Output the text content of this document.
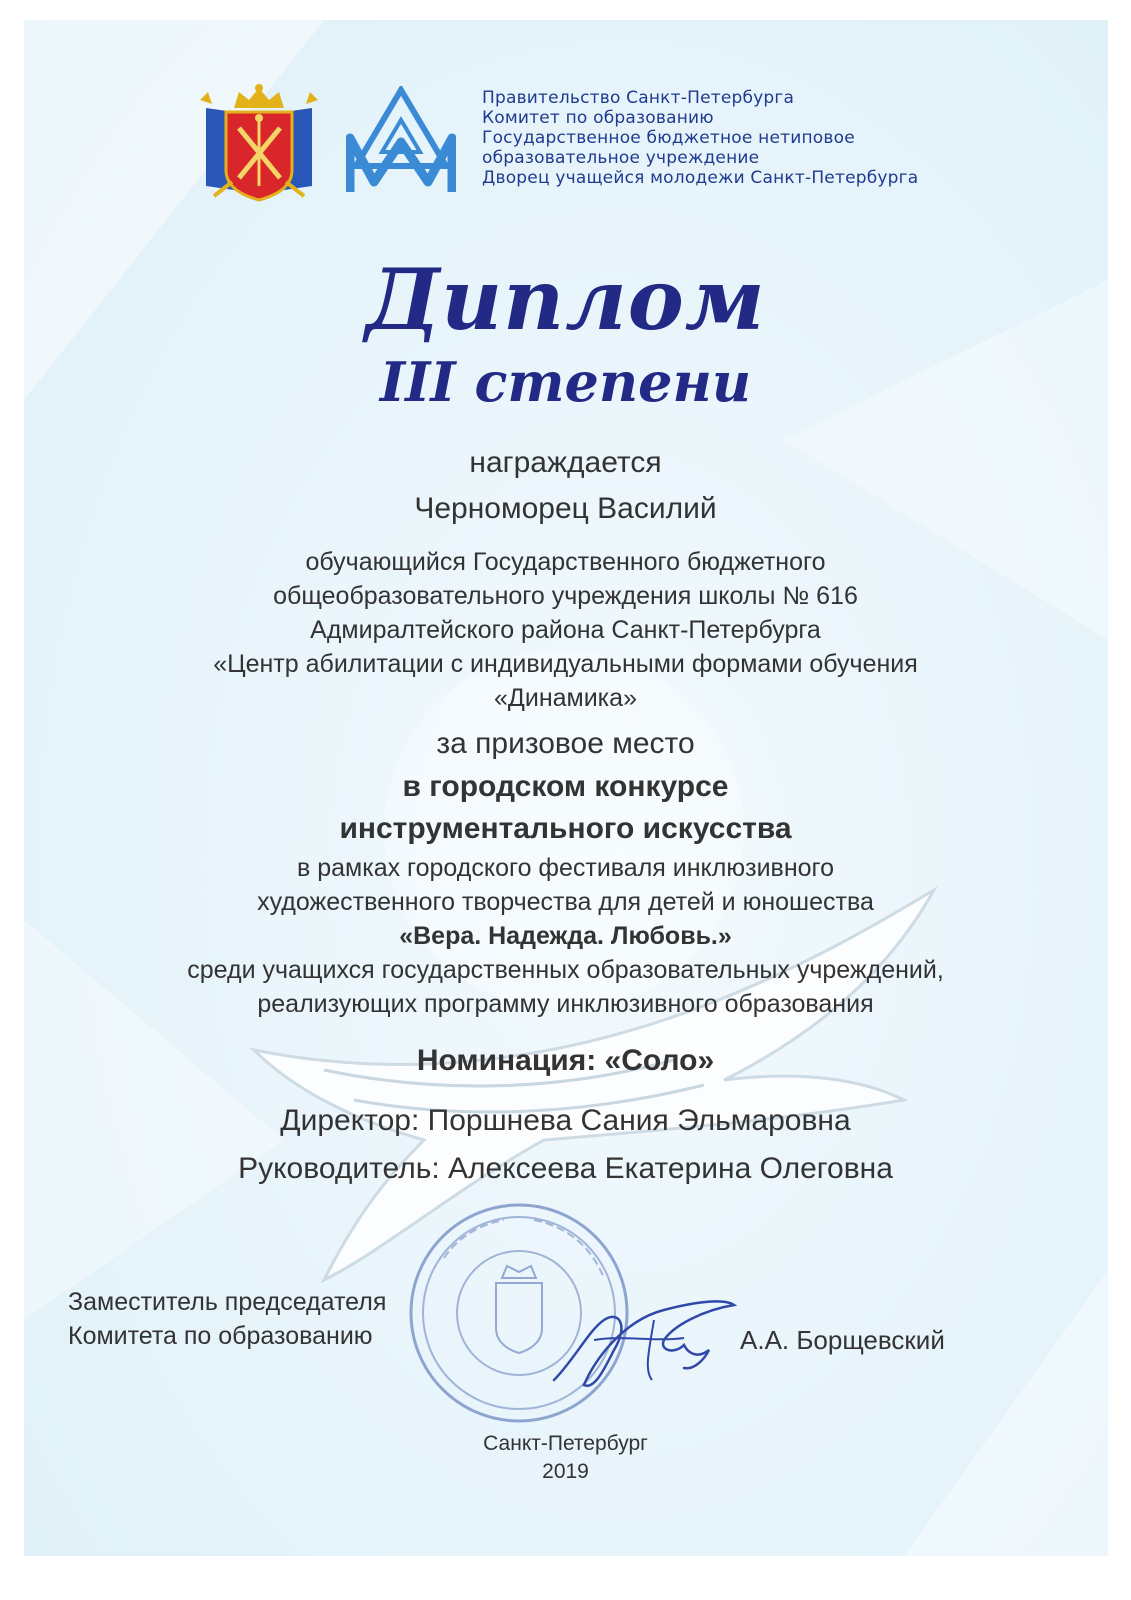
Правительство Санкт-Петербурга
Комитет по образованию
Государственное бюджетное нетиповое
образовательное учреждение
Дворец учащейся молодежи Санкт-Петербурга
Диплом
III степени
награждается
Черноморец Василий
обучающийся Государственного бюджетного
общеобразовательного учреждения школы № 616
Адмиралтейского района Санкт-Петербурга
«Центр абилитации с индивидуальными формами обучения
«Динамика»
за призовое место
в городском конкурсе
инструментального искусства
в рамках городского фестиваля инклюзивного
художественного творчества для детей и юношества
«Вера. Надежда. Любовь.»
среди учащихся государственных образовательных учреждений,
реализующих программу инклюзивного образования
Номинация: «Соло»
Директор: Поршнева Сания Эльмаровна
Руководитель: Алексеева Екатерина Олеговна
Заместитель председателя
Комитета по образованию	А.А. Борщевский
Санкт-Петербург
2019
